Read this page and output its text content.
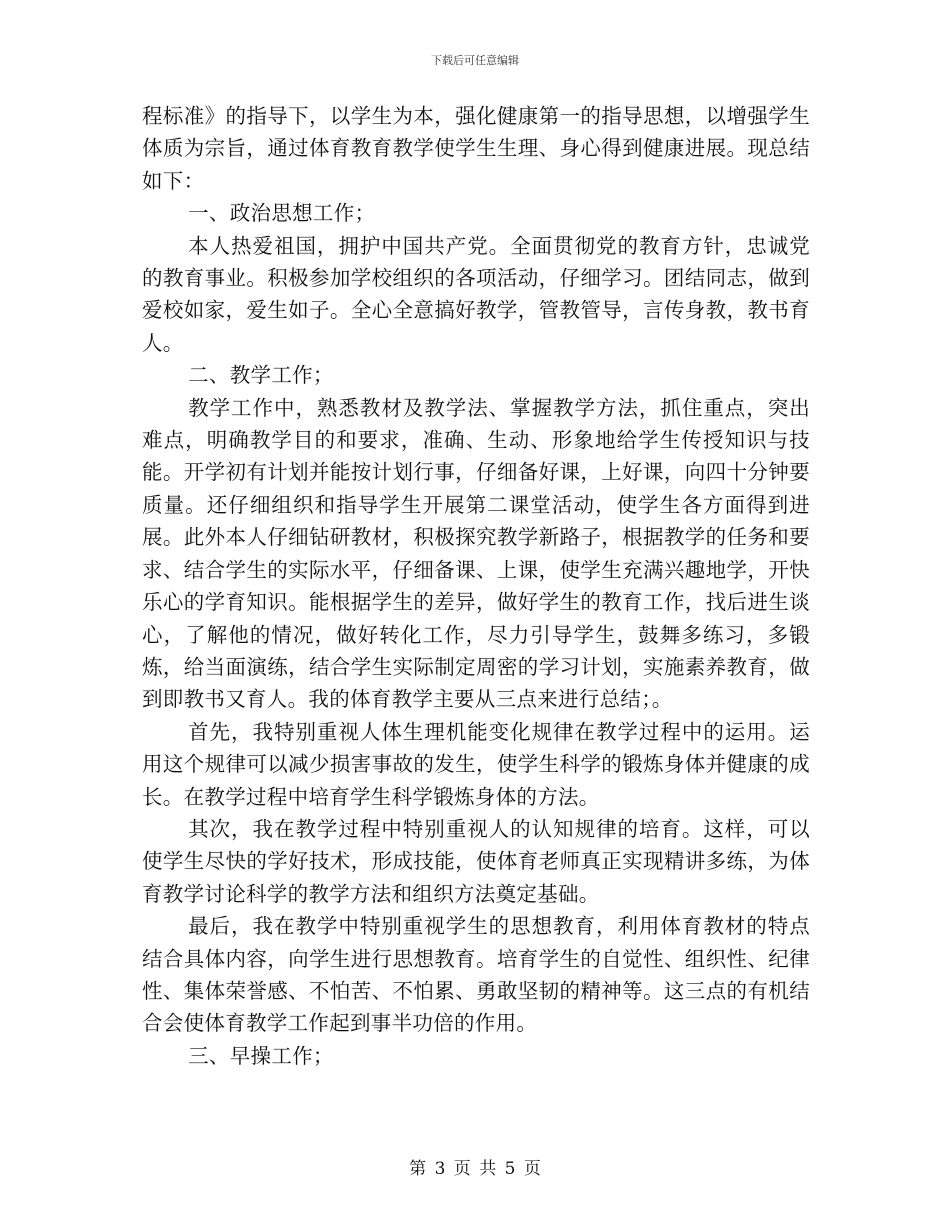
下载后可任意编辑

程标准》的指导下，以学生为本，强化健康第一的指导思想，以增强学生体质为宗旨，通过体育教育教学使学生生理、身心得到健康进展。现总结如下：

一、政治思想工作；

本人热爱祖国，拥护中国共产党。全面贯彻党的教育方针，忠诚党的教育事业。积极参加学校组织的各项活动，仔细学习。团结同志，做到爱校如家，爱生如子。全心全意搞好教学，管教管导，言传身教，教书育人。

二、教学工作；

教学工作中，熟悉教材及教学法、掌握教学方法，抓住重点，突出难点，明确教学目的和要求，准确、生动、形象地给学生传授知识与技能。开学初有计划并能按计划行事，仔细备好课，上好课，向四十分钟要质量。还仔细组织和指导学生开展第二课堂活动，使学生各方面得到进展。此外本人仔细钻研教材，积极探究教学新路子，根据教学的任务和要求、结合学生的实际水平，仔细备课、上课，使学生充满兴趣地学，开快乐心的学育知识。能根据学生的差异，做好学生的教育工作，找后进生谈心，了解他的情况，做好转化工作，尽力引导学生，鼓舞多练习，多锻炼，给当面演练，结合学生实际制定周密的学习计划，实施素养教育，做到即教书又育人。我的体育教学主要从三点来进行总结；。

首先，我特别重视人体生理机能变化规律在教学过程中的运用。运用这个规律可以减少损害事故的发生，使学生科学的锻炼身体并健康的成长。在教学过程中培育学生科学锻炼身体的方法。

其次，我在教学过程中特别重视人的认知规律的培育。这样，可以使学生尽快的学好技术，形成技能，使体育老师真正实现精讲多练，为体育教学讨论科学的教学方法和组织方法奠定基础。

最后，我在教学中特别重视学生的思想教育，利用体育教材的特点结合具体内容，向学生进行思想教育。培育学生的自觉性、组织性、纪律性、集体荣誉感、不怕苦、不怕累、勇敢坚韧的精神等。这三点的有机结合会使体育教学工作起到事半功倍的作用。

三、早操工作；

第 3 页 共 5 页
